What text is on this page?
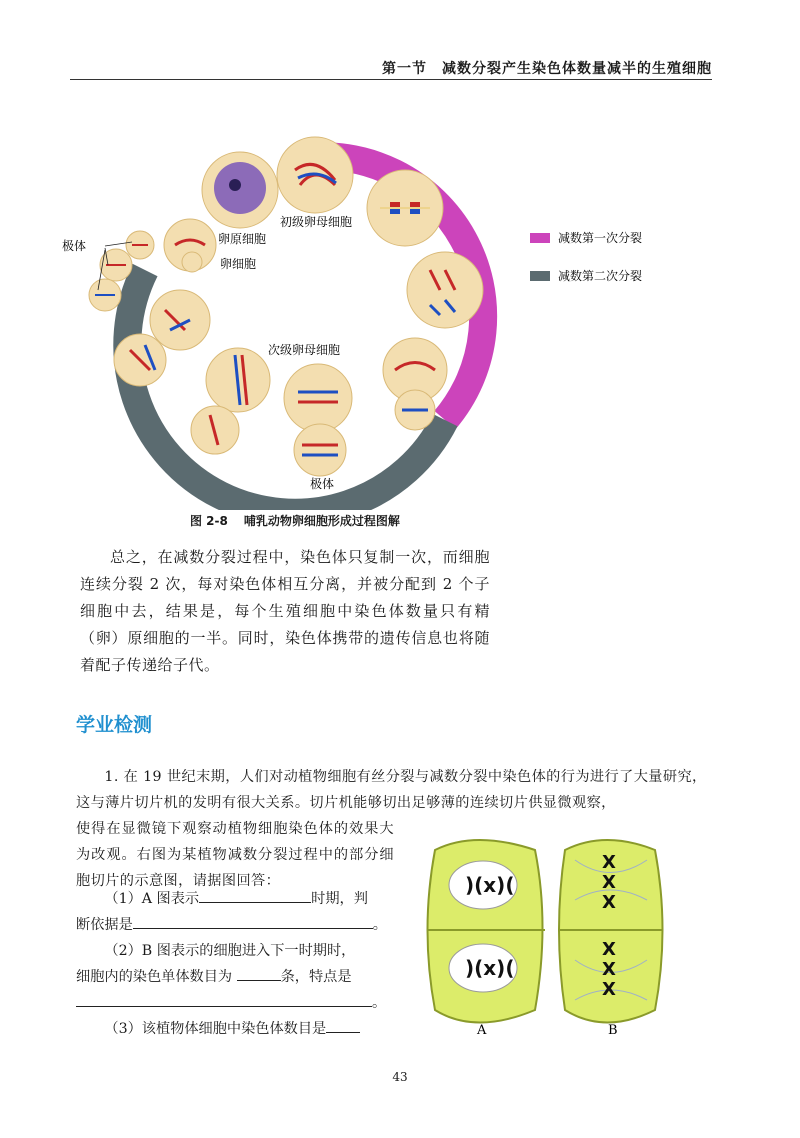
第一节　减数分裂产生染色体数量减半的生殖细胞
初级卵母细胞
卵原细胞
卵细胞
极体
次级卵母细胞
极体
减数第一次分裂
减数第二次分裂
图 2-8 哺乳动物卵细胞形成过程图解
总之，在减数分裂过程中，染色体只复制一次，而细胞连续分裂 2 次，每对染色体相互分离，并被分配到 2 个子细胞中去，结果是，每个生殖细胞中染色体数量只有精（卵）原细胞的一半。同时，染色体携带的遗传信息也将随着配子传递给子代。
学业检测

1. 在 19 世纪末期，人们对动植物细胞有丝分裂与减数分裂中染色体的行为进行了大量研究，这与薄片切片机的发明有很大关系。切片机能够切出足够薄的连续切片供显微观察，

使得在显微镜下观察动植物细胞染色体的效果大为改观。右图为某植物减数分裂过程中的部分细胞切片的示意图，请据图回答：

（1）A 图表示	时期，判

断依据是	。

（2）B 图表示的细胞进入下一时期时，

细胞内的染色单体数目为	条，特点是

。

（3）该植物体细胞中染色体数目是

)(x)(
)(x)(
X
X
X
X
X
X
A	B
43
